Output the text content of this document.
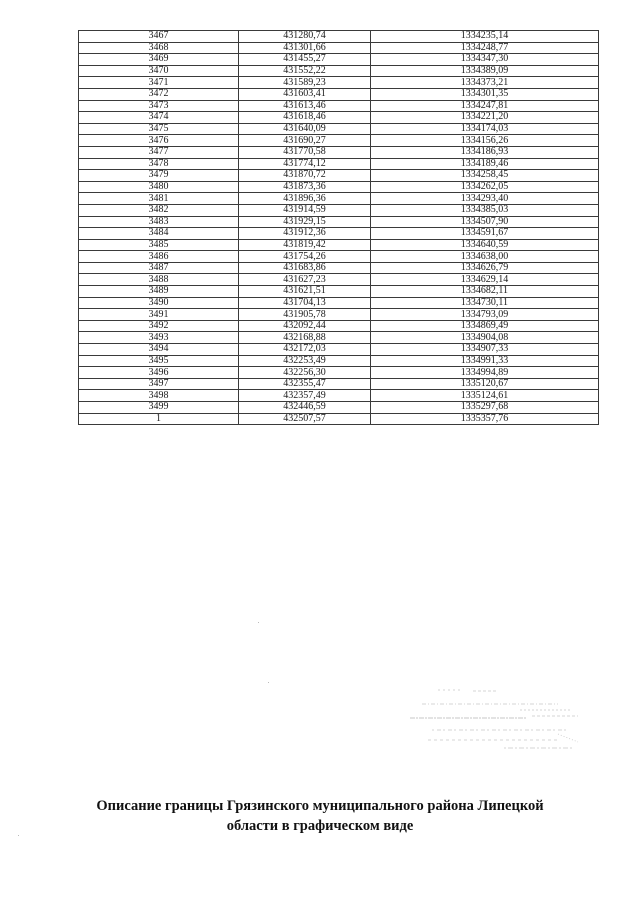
3467	431280,74	1334235,14
3468	431301,66	1334248,77
3469	431455,27	1334347,30
3470	431552,22	1334389,09
3471	431589,23	1334373,21
3472	431603,41	1334301,35
3473	431613,46	1334247,81
3474	431618,46	1334221,20
3475	431640,09	1334174,03
3476	431690,27	1334156,26
3477	431770,58	1334186,93
3478	431774,12	1334189,46
3479	431870,72	1334258,45
3480	431873,36	1334262,05
3481	431896,36	1334293,40
3482	431914,59	1334385,03
3483	431929,15	1334507,90
3484	431912,36	1334591,67
3485	431819,42	1334640,59
3486	431754,26	1334638,00
3487	431683,86	1334626,79
3488	431627,23	1334629,14
3489	431621,51	1334682,11
3490	431704,13	1334730,11
3491	431905,78	1334793,09
3492	432092,44	1334869,49
3493	432168,88	1334904,08
3494	432172,03	1334907,33
3495	432253,49	1334991,33
3496	432256,30	1334994,89
3497	432355,47	1335120,67
3498	432357,49	1335124,61
3499	432446,59	1335297,68
1	432507,57	1335357,76
Описание границы Грязинского муниципального района Липецкой
области в графическом виде
